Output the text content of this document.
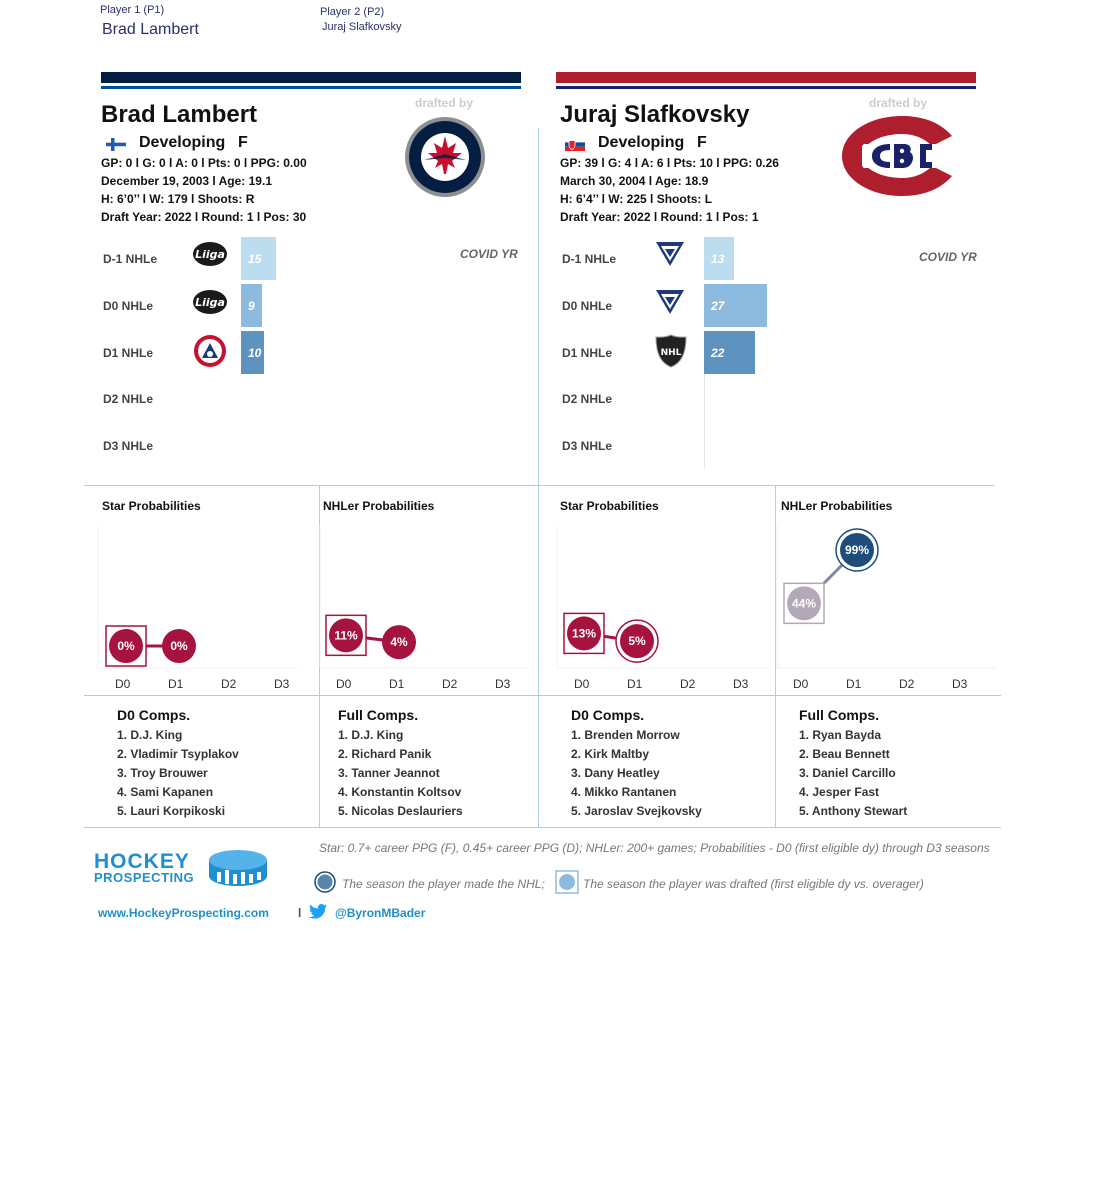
Player 1 (P1)
Brad Lambert
Player 2 (P2)
Juraj Slafkovsky
Brad Lambert	drafted by
Developing F
GP: 0 l G: 0 l A: 0 l Pts: 0 l PPG: 0.00
December 19, 2003 l Age: 19.1
H: 6’0’’ l W: 179 l Shoots: R
Draft Year: 2022 l Round: 1 l Pos: 30
Juraj Slafkovsky	drafted by
Developing F
GP: 39 l G: 4 l A: 6 l Pts: 10 l PPG: 0.26
March 30, 2004 l Age: 18.9
H: 6’4’’ l W: 225 l Shoots: L
Draft Year: 2022 l Round: 1 l Pos: 1
COVID YR
D-1 NHLe
D0 NHLe
D1 NHLe
D2 NHLe
D3 NHLe
Liiga
Liiga
15
9
10
COVID YR
D-1 NHLe
D0 NHLe
D1 NHLe
D2 NHLe
D3 NHLe
NHL
13
27
22
Star Probabilities	NHLer Probabilities	Star Probabilities	NHLer Probabilities
0%	0%
11%	4%
13%
5%
44%
99%
D0	D1	D2	D3	D0	D1	D2	D3	D0	D1	D2	D3	D0	D1	D2	D3
D0 Comps.
1. D.J. King
2. Vladimir Tsyplakov
3. Troy Brouwer
4. Sami Kapanen
5. Lauri Korpikoski
Full Comps.
1. D.J. King
2. Richard Panik
3. Tanner Jeannot
4. Konstantin Koltsov
5. Nicolas Deslauriers
D0 Comps.
1. Brenden Morrow
2. Kirk Maltby
3. Dany Heatley
4. Mikko Rantanen
5. Jaroslav Svejkovsky
Full Comps.
1. Ryan Bayda
2. Beau Bennett
3. Daniel Carcillo
4. Jesper Fast
5. Anthony Stewart
HOCKEY
PROSPECTING
Star: 0.7+ career PPG (F), 0.45+ career PPG (D); NHLer: 200+ games; Probabilities - D0 (first eligible dy) through D3 seasons
The season the player made the NHL;	The season the player was drafted (first eligible dy vs. overager)
www.HockeyProspecting.com l	@ByronMBader
